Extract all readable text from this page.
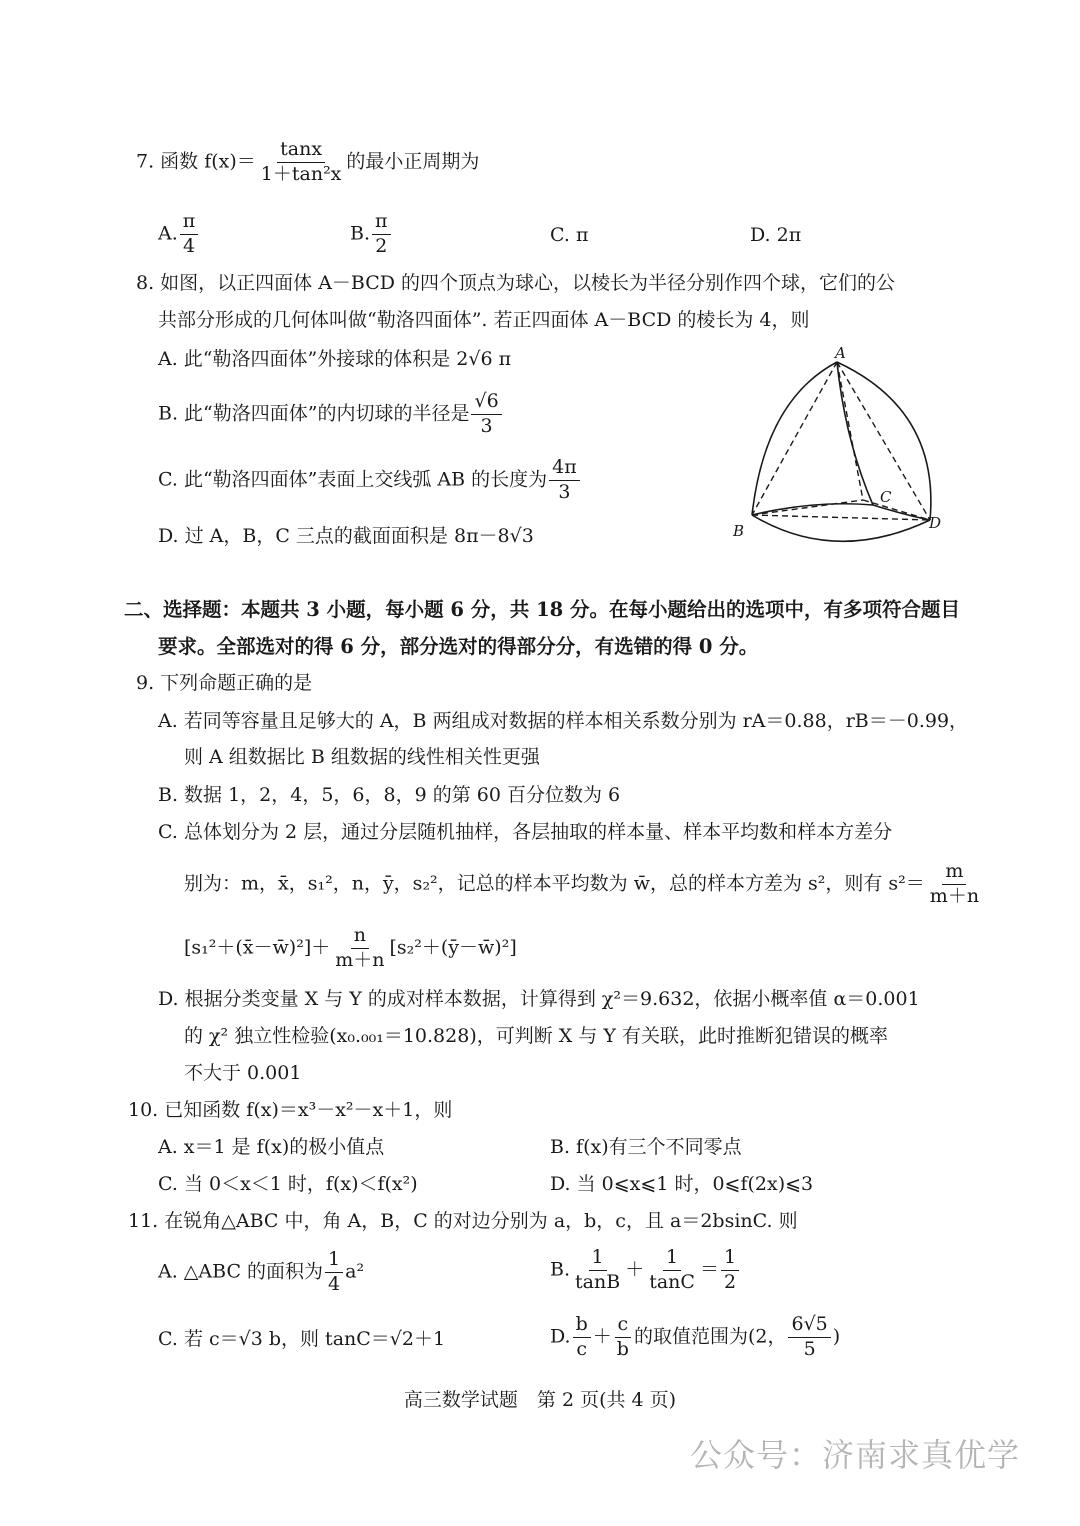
7. 函数 $f(x)= \frac{\tan x}{\text{1＋tan²x}}$ 的最小正周期为
A. $\frac{\pi}{4}$	B. $\frac{\pi}{2}$	C. π	D. 2π
8. 如图，以正四面体 A－BCD 的四个顶点为球心，以棱长为半径分别作四个球，它们的公
共部分形成的几何体叫做“勒洛四面体”. 若正四面体 A－BCD 的棱长为 4，则
A. 此“勒洛四面体”外接球的体积是 2√6 π
B. 此“勒洛四面体”的内切球的半径是 $\frac{√6}{3}$
C. 此“勒洛四面体”表面上交线弧 AB 的长度为 $\frac{4\pi}{3}$
D. 过 A，B，C 三点的截面面积是 8π－8√3
A
B
C
D
二、选择题：本题共 3 小题，每小题 6 分，共 18 分。在每小题给出的选项中，有多项符合题目
要求。全部选对的得 6 分，部分选对的得部分分，有选错的得 0 分。
9. 下列命题正确的是
A. 若同等容量且足够大的 A，B 两组成对数据的样本相关系数分别为 rA＝0.88，rB＝－0.99，
则 A 组数据比 B 组数据的线性相关性更强
B. 数据 1，2，4，5，6，8，9 的第 60 百分位数为 6
C. 总体划分为 2 层，通过分层随机抽样，各层抽取的样本量、样本平均数和样本方差分
别为：m，x̄，s₁²，n，ȳ，s₂²，记总的样本平均数为 w̄，总的样本方差为 s²，则有 $s^2= \frac{m}{m+n}$
[s₁²＋(x̄－w̄)²]＋ $\frac{n}{m+n}$ [s₂²＋(ȳ－w̄)²]
D. 根据分类变量 X 与 Y 的成对样本数据，计算得到 χ²＝9.632，依据小概率值 α＝0.001
的 χ² 独立性检验(x₀.₀₀₁＝10.828)，可判断 X 与 Y 有关联，此时推断犯错误的概率
不大于 0.001
10. 已知函数 f(x)＝x³－x²－x＋1，则
A. x＝1 是 f(x)的极小值点	B. f(x)有三个不同零点
C. 当 0＜x＜1 时，f(x)＜f(x²)	D. 当 0⩽x⩽1 时，0⩽f(2x)⩽3
11. 在锐角△ABC 中，角 A，B，C 的对边分别为 a，b，c，且 a＝2bsinC. 则
A. △ABC 的面积为 $\frac{1}{4} a^2$	B. $\frac{1}{\tan B} + \frac{1}{\tan C} = \frac{1}{2}$
C. 若 c＝√3 b，则 tanC＝√2＋1	D. $\frac{b}{c} + \frac{c}{b}$ 的取值范围为(2， $\frac{6√5}{5}$ )
高三数学试题　第 2 页(共 4 页)
公众号：济南求真优学
